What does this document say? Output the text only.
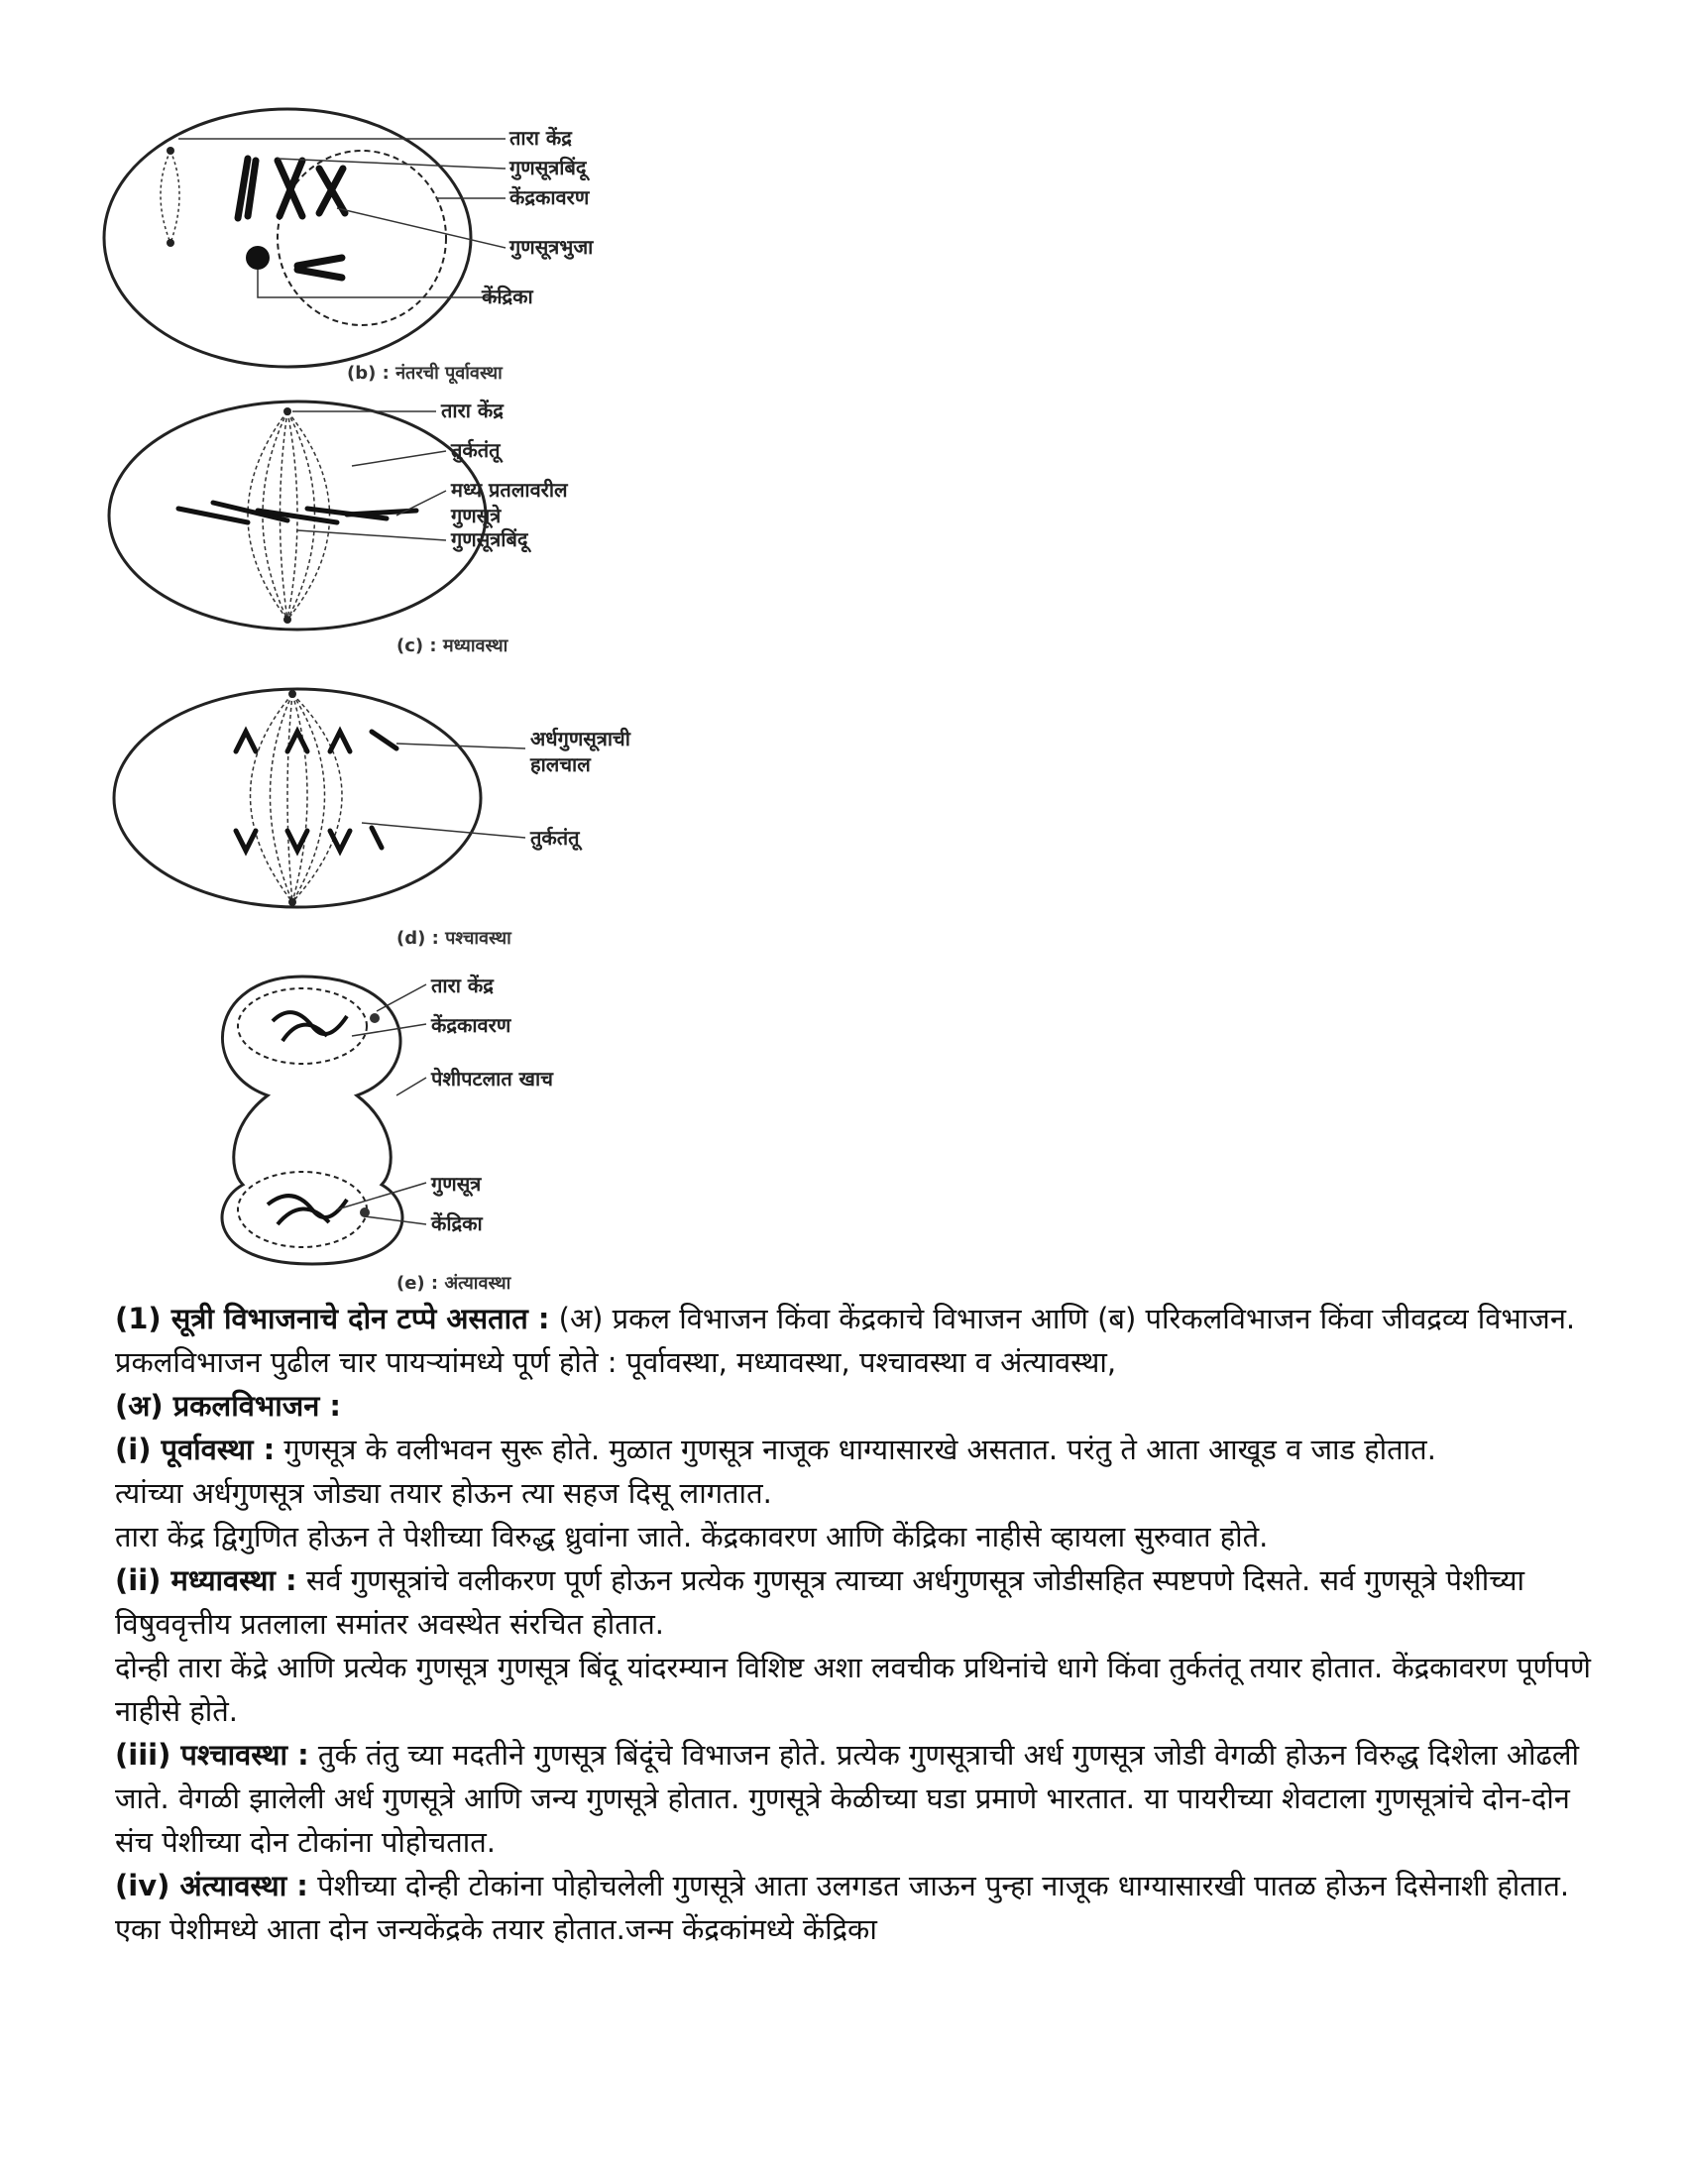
तारा केंद्र
गुणसूत्रबिंदू
केंद्रकावरण
गुणसूत्रभुजा
केंद्रिका
(b) : नंतरची पूर्वावस्था
तारा केंद्र
तुर्कतंतू
मध्य प्रतलावरील
गुणसूत्रे
गुणसूत्रबिंदू
(c) : मध्यावस्था
अर्धगुणसूत्राची
हालचाल
तुर्कतंतू
(d) : पश्चावस्था
तारा केंद्र
केंद्रकावरण
पेशीपटलात खाच
गुणसूत्र
केंद्रिका
(e) : अंत्यावस्था

(1) सूत्री विभाजनाचे दोन टप्पे असतात : (अ) प्रकल विभाजन किंवा केंद्रकाचे विभाजन आणि (ब) परिकलविभाजन किंवा जीवद्रव्य विभाजन. प्रकलविभाजन पुढील चार पायऱ्यांमध्ये पूर्ण होते : पूर्वावस्था, मध्यावस्था, पश्चावस्था व अंत्यावस्था,

(अ) प्रकलविभाजन :

(i) पूर्वावस्था : गुणसूत्र के वलीभवन सुरू होते. मुळात गुणसूत्र नाजूक धाग्यासारखे असतात. परंतु ते आता आखूड व जाड होतात.

त्यांच्या अर्धगुणसूत्र जोड्या तयार होऊन त्या सहज दिसू लागतात.

तारा केंद्र द्विगुणित होऊन ते पेशीच्या विरुद्ध ध्रुवांना जाते. केंद्रकावरण आणि केंद्रिका नाहीसे व्हायला सुरुवात होते.

(ii) मध्यावस्था : सर्व गुणसूत्रांचे वलीकरण पूर्ण होऊन प्रत्येक गुणसूत्र त्याच्या अर्धगुणसूत्र जोडीसहित स्पष्टपणे दिसते. सर्व गुणसूत्रे पेशीच्या विषुववृत्तीय प्रतलाला समांतर अवस्थेत संरचित होतात.

दोन्ही तारा केंद्रे आणि प्रत्येक गुणसूत्र गुणसूत्र बिंदू यांदरम्यान विशिष्ट अशा लवचीक प्रथिनांचे धागे किंवा तुर्कतंतू तयार होतात. केंद्रकावरण पूर्णपणे नाहीसे होते.

(iii) पश्चावस्था : तुर्क तंतु च्या मदतीने गुणसूत्र बिंदूंचे विभाजन होते. प्रत्येक गुणसूत्राची अर्ध गुणसूत्र जोडी वेगळी होऊन विरुद्ध दिशेला ओढली जाते. वेगळी झालेली अर्ध गुणसूत्रे आणि जन्य गुणसूत्रे होतात. गुणसूत्रे केळीच्या घडा प्रमाणे भारतात. या पायरीच्या शेवटाला गुणसूत्रांचे दोन-दोन संच पेशीच्या दोन टोकांना पोहोचतात.

(iv) अंत्यावस्था : पेशीच्या दोन्ही टोकांना पोहोचलेली गुणसूत्रे आता उलगडत जाऊन पुन्हा नाजूक धाग्यासारखी पातळ होऊन दिसेनाशी होतात. एका पेशीमध्ये आता दोन जन्यकेंद्रके तयार होतात.जन्म केंद्रकांमध्ये केंद्रिका
